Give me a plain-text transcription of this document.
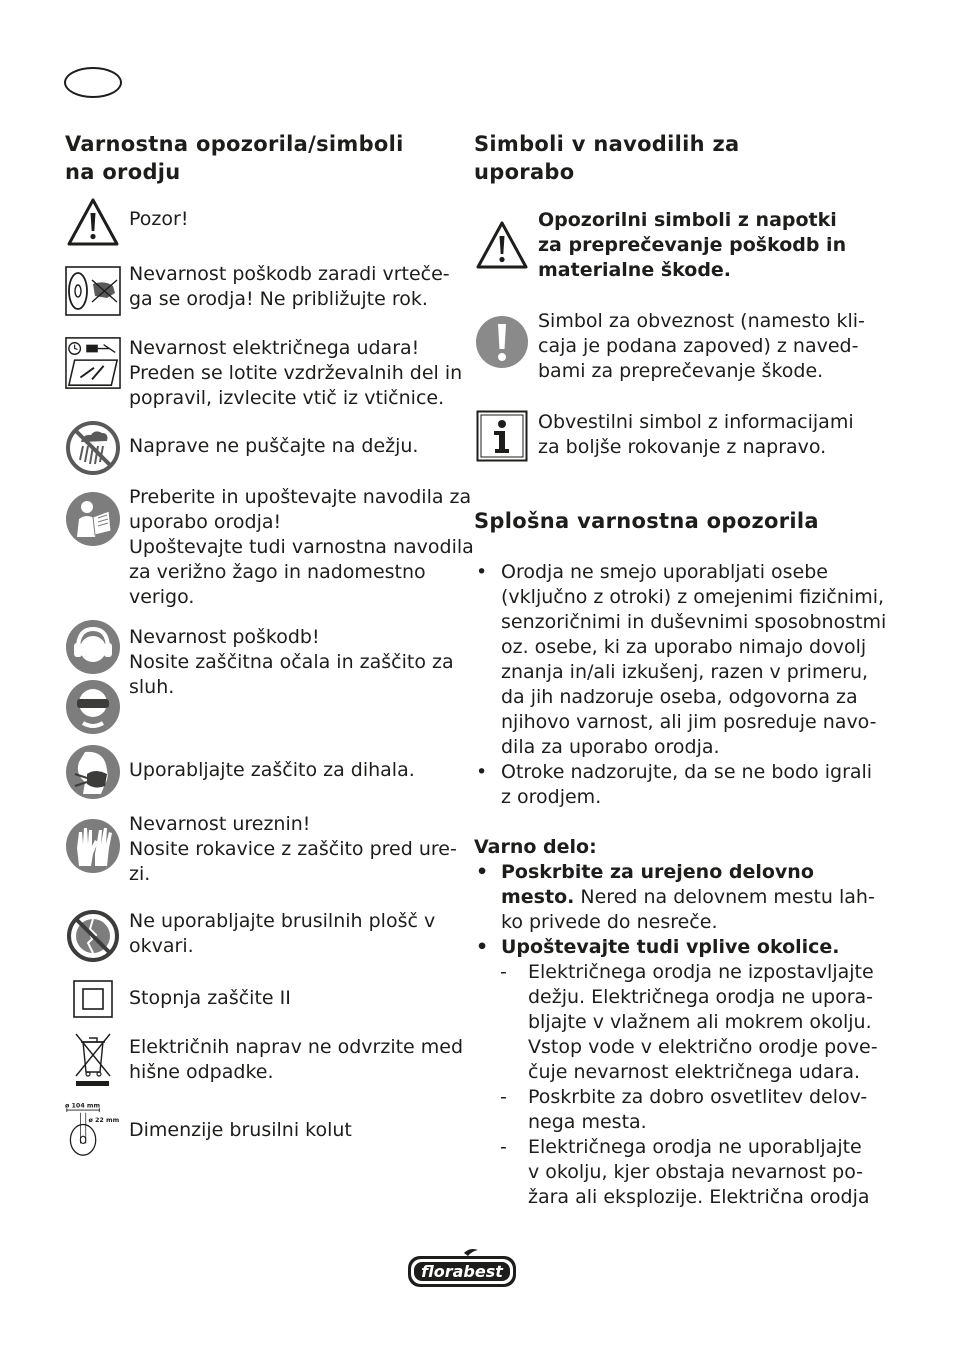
Varnostna opozorila/simboli
na orodju
Pozor!
Nevarnost poškodb zaradi vrteče-
ga se orodja! Ne približujte rok.
Nevarnost električnega udara!
Preden se lotite vzdrževalnih del in
popravil, izvlecite vtič iz vtičnice.
Naprave ne puščajte na dežju.
Preberite in upoštevajte navodila za
uporabo orodja!
Upoštevajte tudi varnostna navodila
za verižno žago in nadomestno
verigo.
Nevarnost poškodb!
Nosite zaščitna očala in zaščito za
sluh.
Uporabljajte zaščito za dihala.
Nevarnost ureznin!
Nosite rokavice z zaščito pred ure-
zi.
Ne uporabljajte brusilnih plošč v
okvari.
Stopnja zaščite II
Električnih naprav ne odvrzite med
hišne odpadke.
ø 104 mm
ø 22 mm Dimenzije brusilni kolut
Simboli v navodilih za
uporabo
Opozorilni simboli z napotki
za preprečevanje poškodb in
materialne škode.
Simbol za obveznost (namesto kli-
caja je podana zapoved) z naved-
bami za preprečevanje škode.
Obvestilni simbol z informacijami
za boljše rokovanje z napravo.
Splošna varnostna opozorila
• Orodja ne smejo uporabljati osebe
(vključno z otroki) z omejenimi fizičnimi,
senzoričnimi in duševnimi sposobnostmi
oz. osebe, ki za uporabo nimajo dovolj
znanja in/ali izkušenj, razen v primeru,
da jih nadzoruje oseba, odgovorna za
njihovo varnost, ali jim posreduje navo-
dila za uporabo orodja.
• Otroke nadzorujte, da se ne bodo igrali
z orodjem.
Varno delo:
• Poskrbite za urejeno delovno
mesto. Nered na delovnem mestu lah-
ko privede do nesreče.
• Upoštevajte tudi vplive okolice.
- Električnega orodja ne izpostavljajte
dežju. Električnega orodja ne upora-
bljajte v vlažnem ali mokrem okolju.
Vstop vode v električno orodje pove-
čuje nevarnost električnega udara.
- Poskrbite za dobro osvetlitev delov-
nega mesta.
- Električnega orodja ne uporabljajte
v okolju, kjer obstaja nevarnost po-
žara ali eksplozije. Električna orodja
florabest
